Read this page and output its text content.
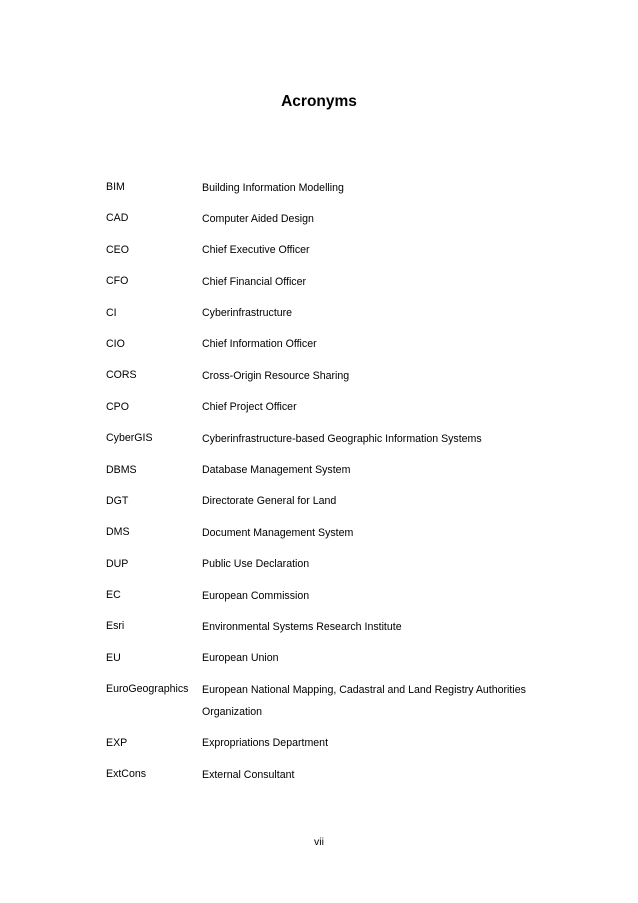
Acronyms
BIM	Building Information Modelling
CAD	Computer Aided Design
CEO	Chief Executive Officer
CFO	Chief Financial Officer
CI	Cyberinfrastructure
CIO	Chief Information Officer
CORS	Cross-Origin Resource Sharing
CPO	Chief Project Officer
CyberGIS	Cyberinfrastructure-based Geographic Information Systems
DBMS	Database Management System
DGT	Directorate General for Land
DMS	Document Management System
DUP	Public Use Declaration
EC	European Commission
Esri	Environmental Systems Research Institute
EU	European Union
EuroGeographics	European National Mapping, Cadastral and Land Registry Authorities Organization
EXP	Expropriations Department
ExtCons	External Consultant
vii
